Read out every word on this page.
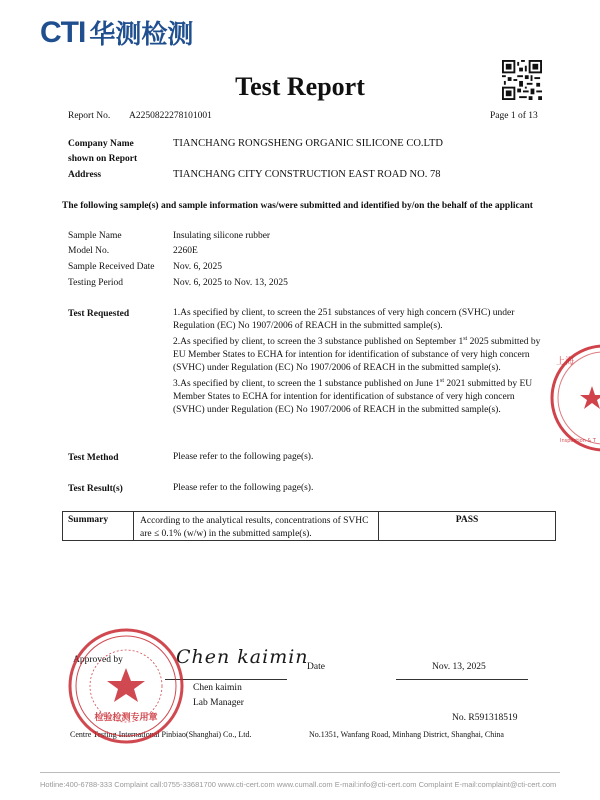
CTI 华测检测
Test Report
Report No. A2250822278101001	Page 1 of 13
Company Name
shown on Report
TIANCHANG RONGSHENG ORGANIC SILICONE CO.LTD
Address	TIANCHANG CITY CONSTRUCTION EAST ROAD NO. 78
The following sample(s) and sample information was/were submitted and identified by/on the behalf of the applicant
Sample Name	Insulating silicone rubber
Model No.	2260E
Sample Received Date Nov. 6, 2025
Testing Period	Nov. 6, 2025 to Nov. 13, 2025
Test Requested	1.As specified by client, to screen the 251 substances of very high concern (SVHC) under Regulation (EC) No 1907/2006 of REACH in the submitted sample(s).
2.As specified by client, to screen the 3 substance published on September 1st 2025 submitted by EU Member States to ECHA for intention for identification of substance of very high concern (SVHC) under Regulation (EC) No 1907/2006 of REACH in the submitted sample(s).
3.As specified by client, to screen the 1 substance published on June 1st 2021 submitted by EU Member States to ECHA for intention for identification of substance of very high concern (SVHC) under Regulation (EC) No 1907/2006 of REACH in the submitted sample(s).
Test Method	Please refer to the following page(s).
Test Result(s)	Please refer to the following page(s).
Summary	According to the analytical results, concentrations of SVHC are ≤ 0.1% (w/w) in the submitted sample(s).
PASS
上海
Inspection & T
Approved by	Chen kaimin
Chen kaimin
Lab Manager
Date	Nov. 13, 2025
No. R591318519
Centre Testing International Pinbiao(Shanghai) Co., Ltd.	No.1351, Wanfang Road, Minhang District, Shanghai, China
检验检测专用章
Hotline:400-6788-333 Complaint call:0755-33681700 www.cti-cert.com www.cumall.com E-mail:info@cti-cert.com Complaint E-mail:complaint@cti-cert.com
